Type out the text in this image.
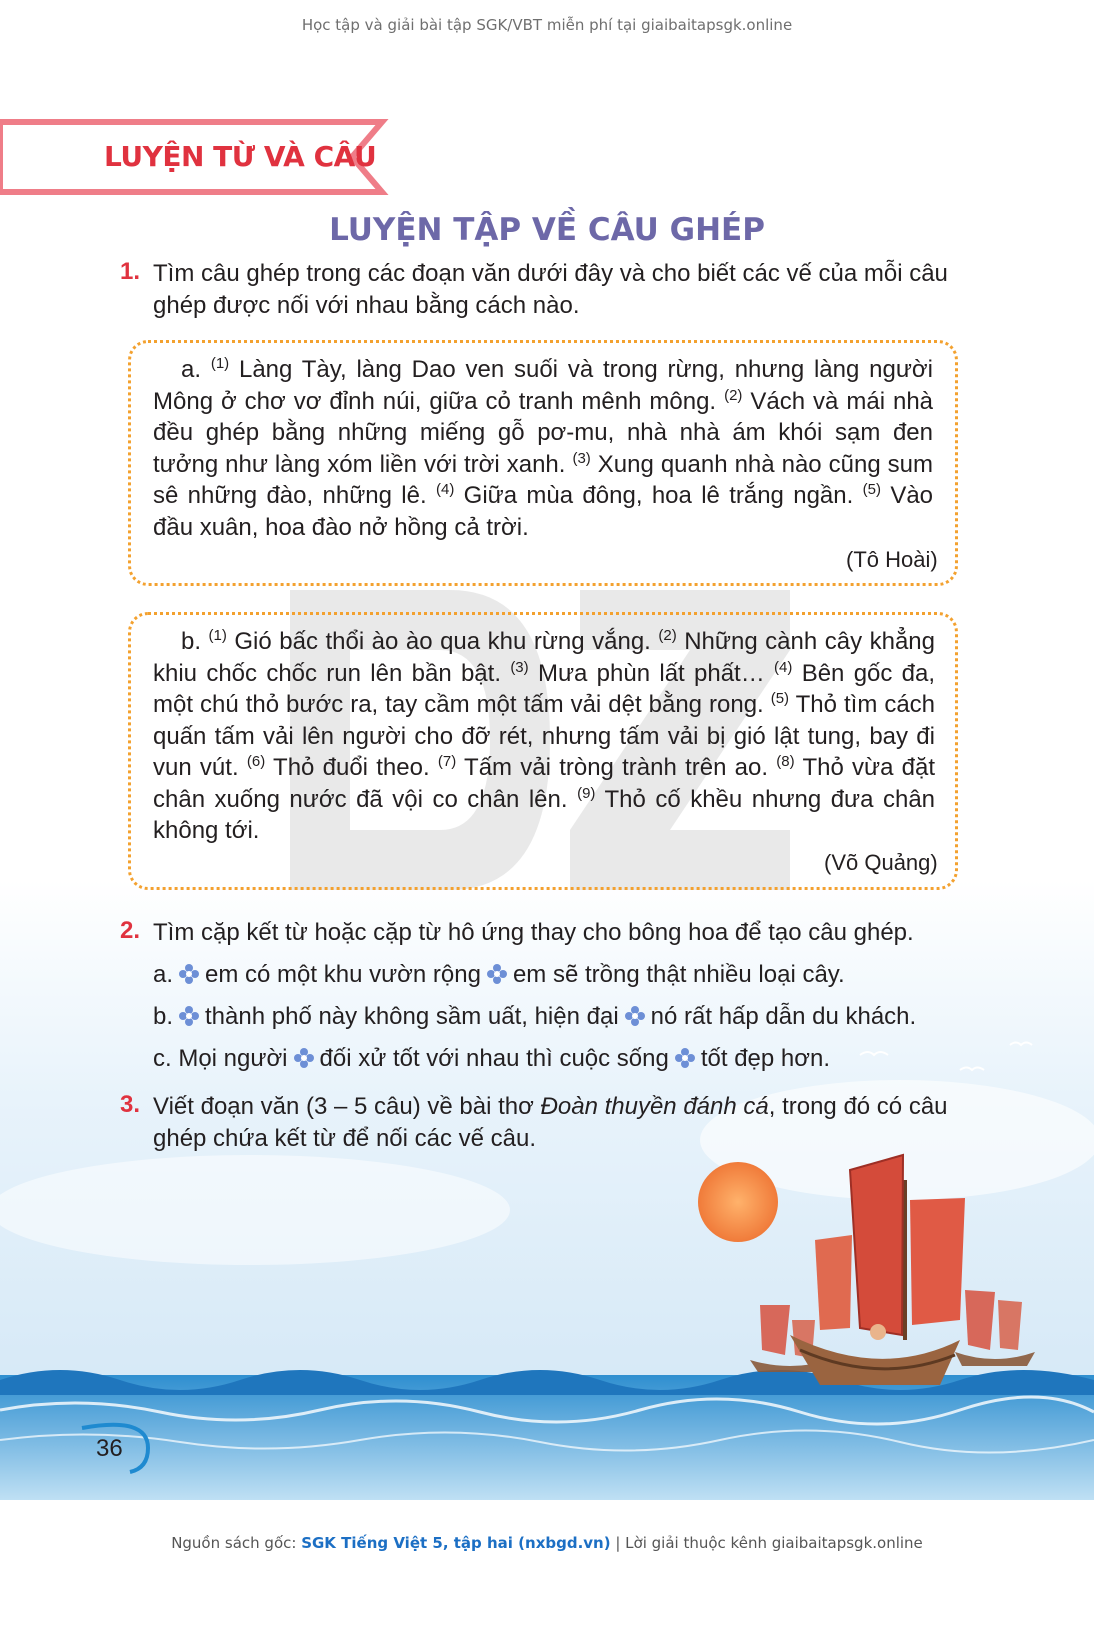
Học tập và giải bài tập SGK/VBT miễn phí tại giaibaitapsgk.online
LUYỆN TỪ VÀ CÂU
LUYỆN TẬP VỀ CÂU GHÉP
1. Tìm câu ghép trong các đoạn văn dưới đây và cho biết các vế của mỗi câu
ghép được nối với nhau bằng cách nào.
a. $^{(1)}$ Làng Tày, làng Dao ven suối và trong rừng, nhưng làng người Mông ở chơ vơ đỉnh núi, giữa cỏ tranh mênh mông. $^{(2)}$ Vách và mái nhà đều ghép bằng những miếng gỗ pơ-mu, nhà nhà ám khói sạm đen tưởng như làng xóm liền với trời xanh. $^{(3)}$ Xung quanh nhà nào cũng sum sê những đào, những lê. $^{(4)}$ Giữa mùa đông, hoa lê trắng ngần. $^{(5)}$ Vào đầu xuân, hoa đào nở hồng cả trời.
(Tô Hoài)
b. $^{(1)}$ Gió bấc thổi ào ào qua khu rừng vắng. $^{(2)}$ Những cành cây khẳng khiu chốc chốc run lên bần bật. $^{(3)}$ Mưa phùn lất phất… $^{(4)}$ Bên gốc đa, một chú thỏ bước ra, tay cầm một tấm vải dệt bằng rong. $^{(5)}$ Thỏ tìm cách quấn tấm vải lên người cho đỡ rét, nhưng tấm vải bị gió lật tung, bay đi vun vút. $^{(6)}$ Thỏ đuổi theo. $^{(7)}$ Tấm vải tròng trành trên ao. $^{(8)}$ Thỏ vừa đặt chân xuống nước đã vội co chân lên. $^{(9)}$ Thỏ cố khều nhưng đưa chân không tới.
(Võ Quảng)
2. Tìm cặp kết từ hoặc cặp từ hô ứng thay cho bông hoa để tạo câu ghép.
a. em có một khu vườn rộng em sẽ trồng thật nhiều loại cây.
b. thành phố này không sầm uất, hiện đại nó rất hấp dẫn du khách.
c. Mọi người đối xử tốt với nhau thì cuộc sống tốt đẹp hơn.
3. Viết đoạn văn (3 – 5 câu) về bài thơ Đoàn thuyền đánh cá, trong đó có câu
ghép chứa kết từ để nối các vế câu.
36
Nguồn sách gốc: SGK Tiếng Việt 5, tập hai (nxbgd.vn) | Lời giải thuộc kênh giaibaitapsgk.online
